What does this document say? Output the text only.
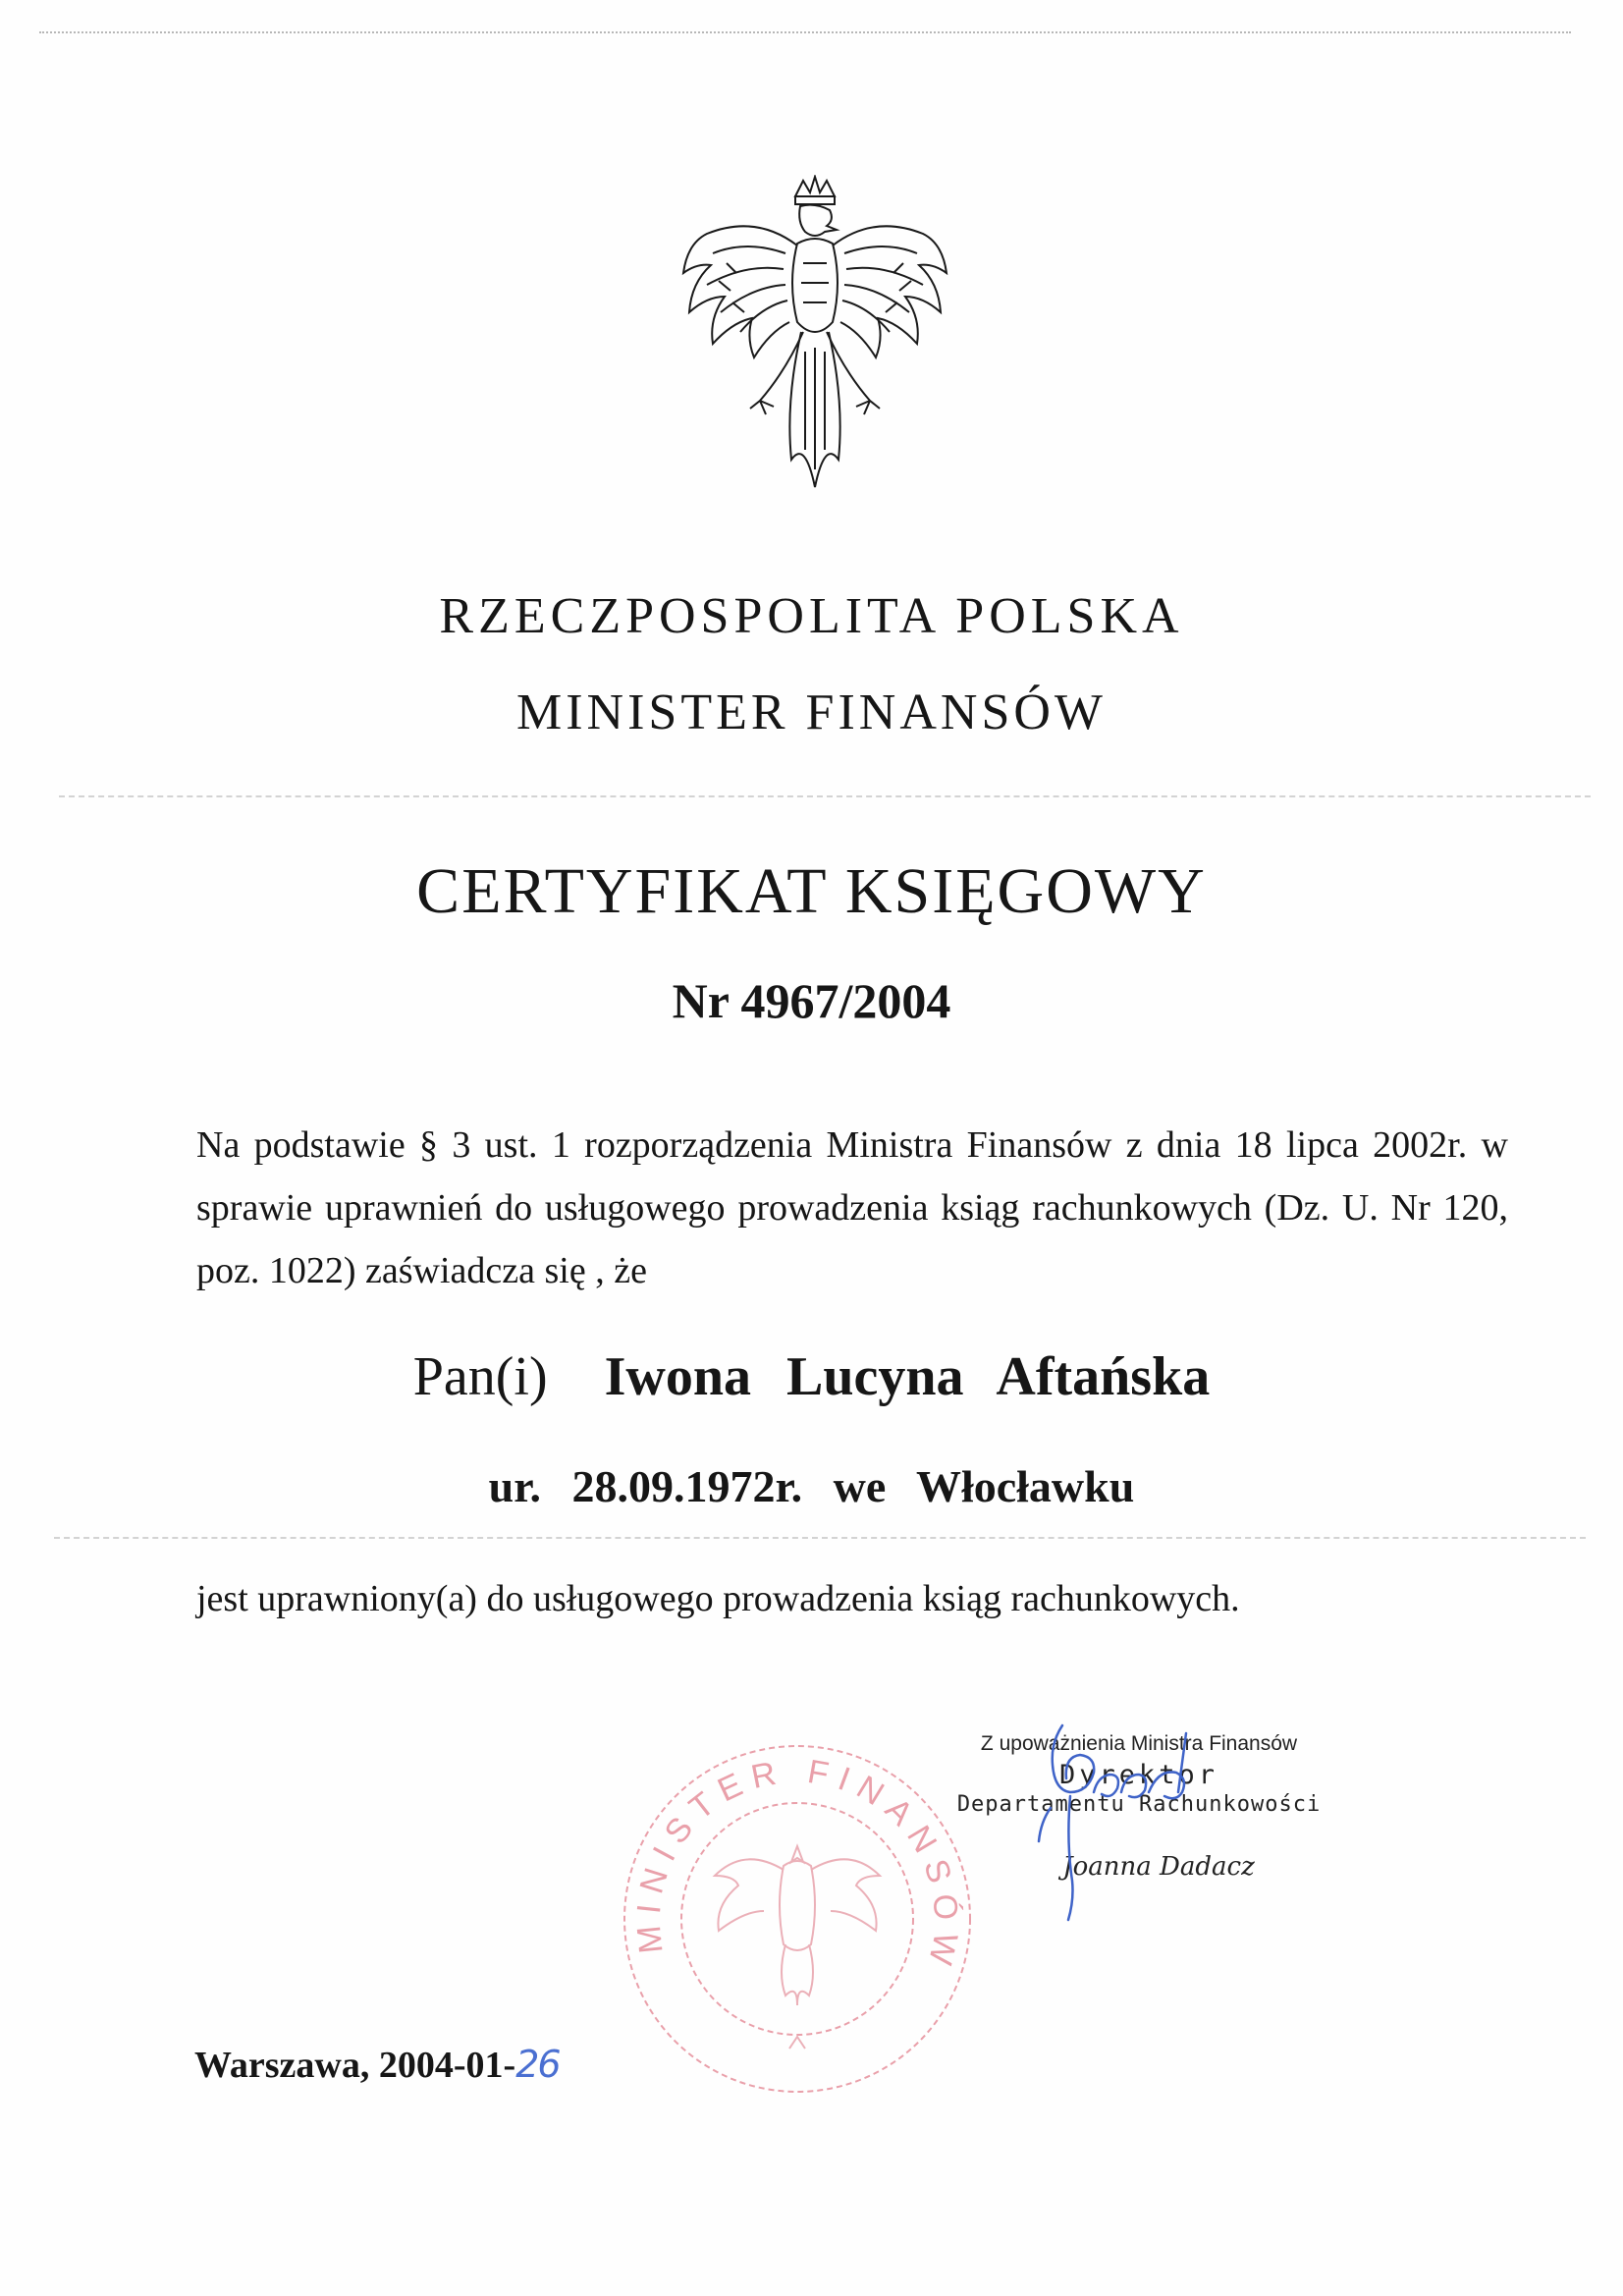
RZECZPOSPOLITA POLSKA
MINISTER FINANSÓW
CERTYFIKAT KSIĘGOWY
Nr 4967/2004
Na podstawie § 3 ust. 1 rozporządzenia Ministra Finansów z dnia 18 lipca 2002r. w sprawie uprawnień do usługowego prowadzenia ksiąg rachunkowych (Dz. U. Nr 120, poz. 1022) zaświadcza się , że
Pan(i) Iwona Lucyna Aftańska
ur. 28.09.1972r. we Włocławku
jest uprawniony(a) do usługowego prowadzenia ksiąg rachunkowych.
MINISTER FINANSÓW
Z upoważnienia Ministra Finansów
Dyrektor
Departamentu Rachunkowości
Joanna Dadacz
Warszawa, 2004-01-26
